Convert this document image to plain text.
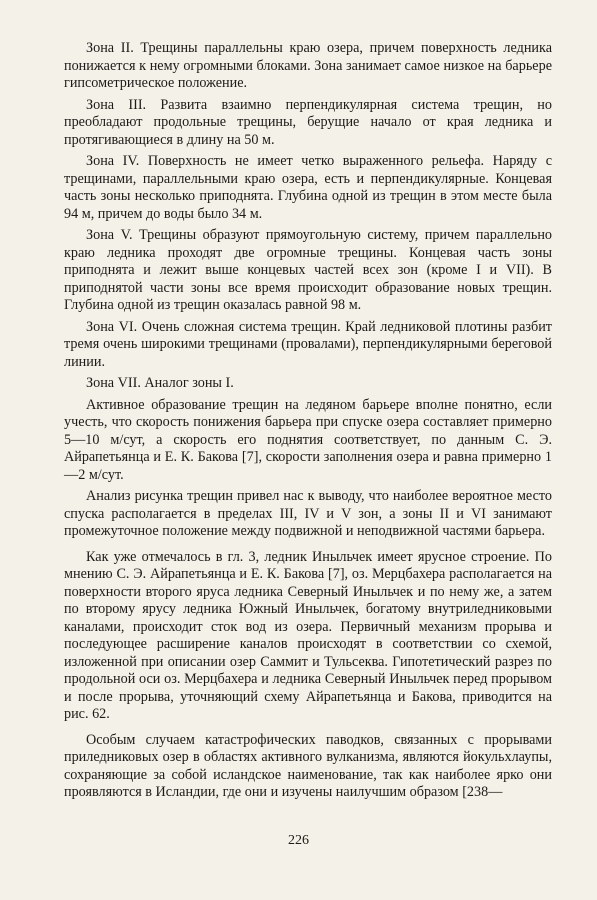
Зона II. Трещины параллельны краю озера, причем поверхность ледника понижается к нему огромными блоками. Зона занимает самое низкое на барьере гипсометрическое положение.

Зона III. Развита взаимно перпендикулярная система трещин, но преобладают продольные трещины, берущие начало от края ледника и протягивающиеся в длину на 50 м.

Зона IV. Поверхность не имеет четко выраженного рельефа. Наряду с трещинами, параллельными краю озера, есть и перпендикулярные. Концевая часть зоны несколько приподнята. Глубина одной из трещин в этом месте была 94 м, причем до воды было 34 м.

Зона V. Трещины образуют прямоугольную систему, причем параллельно краю ледника проходят две огромные трещины. Концевая часть зоны приподнята и лежит выше концевых частей всех зон (кроме I и VII). В приподнятой части зоны все время происходит образование новых трещин. Глубина одной из трещин оказалась равной 98 м.

Зона VI. Очень сложная система трещин. Край ледниковой плотины разбит тремя очень широкими трещинами (провалами), перпендикулярными береговой линии.

Зона VII. Аналог зоны I.

Активное образование трещин на ледяном барьере вполне понятно, если учесть, что скорость понижения барьера при спуске озера составляет примерно 5—10 м/сут, а скорость его поднятия соответствует, по данным С. Э. Айрапетьянца и Е. К. Бакова [7], скорости заполнения озера и равна примерно 1—2 м/сут.

Анализ рисунка трещин привел нас к выводу, что наиболее вероятное место спуска располагается в пределах III, IV и V зон, а зоны II и VI занимают промежуточное положение между подвижной и неподвижной частями барьера.

Как уже отмечалось в гл. 3, ледник Иныльчек имеет ярусное строение. По мнению С. Э. Айрапетьянца и Е. К. Бакова [7], оз. Мерцбахера располагается на поверхности второго яруса ледника Северный Иныльчек и по нему же, а затем по второму ярусу ледника Южный Иныльчек, богатому внутриледниковыми каналами, происходит сток вод из озера. Первичный механизм прорыва и последующее расширение каналов происходят в соответствии со схемой, изложенной при описании озер Саммит и Тульсеква. Гипотетический разрез по продольной оси оз. Мерцбахера и ледника Северный Иныльчек перед прорывом и после прорыва, уточняющий схему Айрапетьянца и Бакова, приводится на рис. 62.

Особым случаем катастрофических паводков, связанных с прорывами приледниковых озер в областях активного вулканизма, являются йокульхлаупы, сохраняющие за собой исландское наименование, так как наиболее ярко они проявляются в Исландии, где они и изучены наилучшим образом [238—

226
